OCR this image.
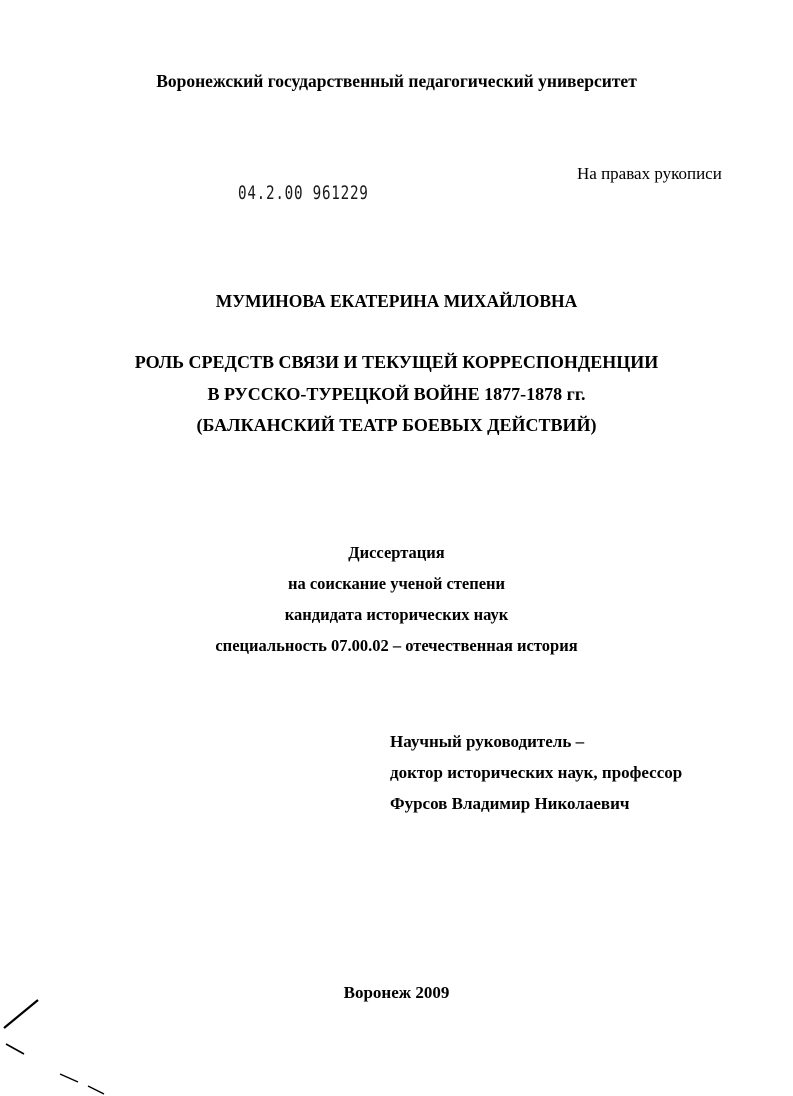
Воронежский государственный педагогический университет
На правах рукописи
04.2.00 961229
МУМИНОВА ЕКАТЕРИНА МИХАЙЛОВНА
РОЛЬ СРЕДСТВ СВЯЗИ И ТЕКУЩЕЙ КОРРЕСПОНДЕНЦИИ
В РУССКО-ТУРЕЦКОЙ ВОЙНЕ 1877-1878 гг.
(БАЛКАНСКИЙ ТЕАТР БОЕВЫХ ДЕЙСТВИЙ)
Диссертация
на соискание ученой степени
кандидата исторических наук
специальность 07.00.02 – отечественная история
Научный руководитель –
доктор исторических наук, профессор
Фурсов Владимир Николаевич
Воронеж 2009
